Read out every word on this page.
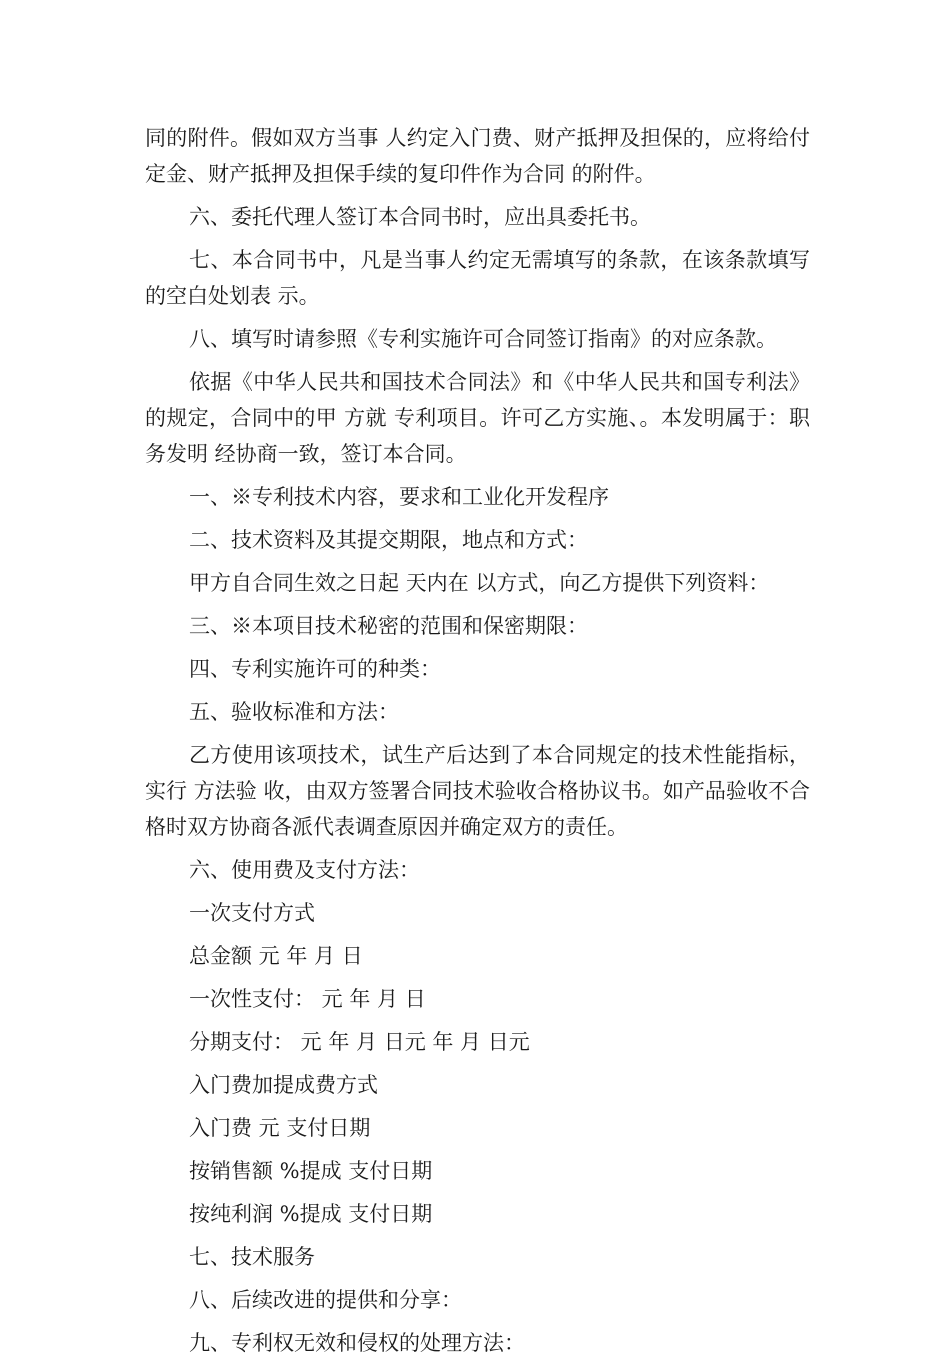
同的附件。假如双方当事 人约定入门费、财产抵押及担保的，应将给付定金、财产抵押及担保手续的复印件作为合同 的附件。

六、委托代理人签订本合同书时，应出具委托书。

七、本合同书中，凡是当事人约定无需填写的条款，在该条款填写的空白处划表 示。

八、填写时请参照《专利实施许可合同签订指南》的对应条款。

依据《中华人民共和国技术合同法》和《中华人民共和国专利法》的规定，合同中的甲 方就 专利项目。许可乙方实施、。本发明属于：职务发明 经协商一致，签订本合同。

一、※专利技术内容，要求和工业化开发程序

二、技术资料及其提交期限，地点和方式：

甲方自合同生效之日起 天内在 以方式，向乙方提供下列资料：

三、※本项目技术秘密的范围和保密期限：

四、专利实施许可的种类：

五、验收标准和方法：

乙方使用该项技术，试生产后达到了本合同规定的技术性能指标，实行 方法验 收，由双方签署合同技术验收合格协议书。如产品验收不合格时双方协商各派代表调查原因并确定双方的责任。

六、使用费及支付方法：

一次支付方式

总金额 元 年 月 日

一次性支付： 元 年 月 日

分期支付： 元 年 月 日元 年 月 日元

入门费加提成费方式

入门费 元 支付日期

按销售额 %提成 支付日期

按纯利润 %提成 支付日期

七、技术服务

八、后续改进的提供和分享：

九、专利权无效和侵权的处理方法：
